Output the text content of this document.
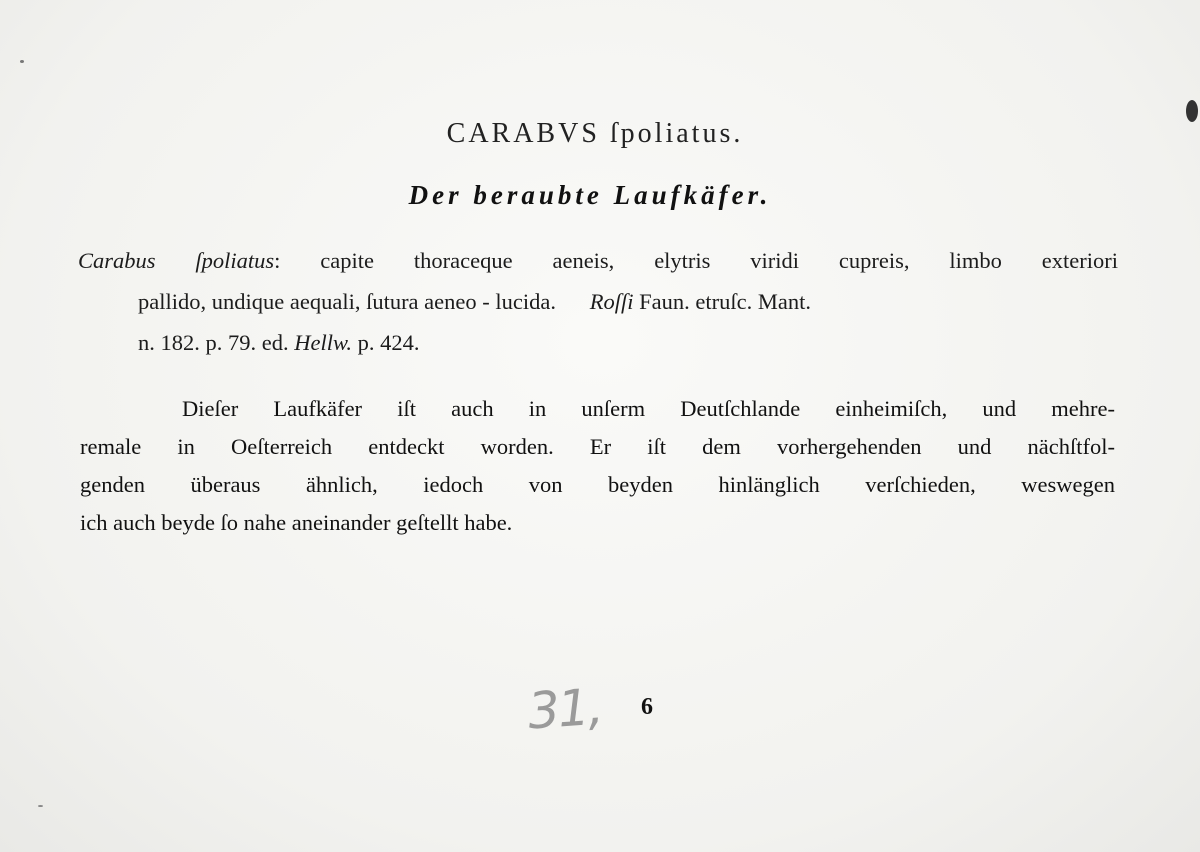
CARABVS ſpoliatus.
Der beraubte Laufkäfer.
Carabus ſpoliatus: capite thoraceque aeneis, elytris viridi cupreis, limbo exteriori
pallido, undique aequali, ſutura aeneo - lucida. Roſſi Faun. etruſc. Mant.
n. 182. p. 79. ed. Hellw. p. 424.
Dieſer Laufkäfer iſt auch in unſerm Deutſchlande einheimiſch, und mehre-
remale in Oeſterreich entdeckt worden. Er iſt dem vorhergehenden und nächſtfol-
genden überaus ähnlich, iedoch von beyden hinlänglich verſchieden, weswegen
ich auch beyde ſo nahe aneinander geſtellt habe.
31, 6
